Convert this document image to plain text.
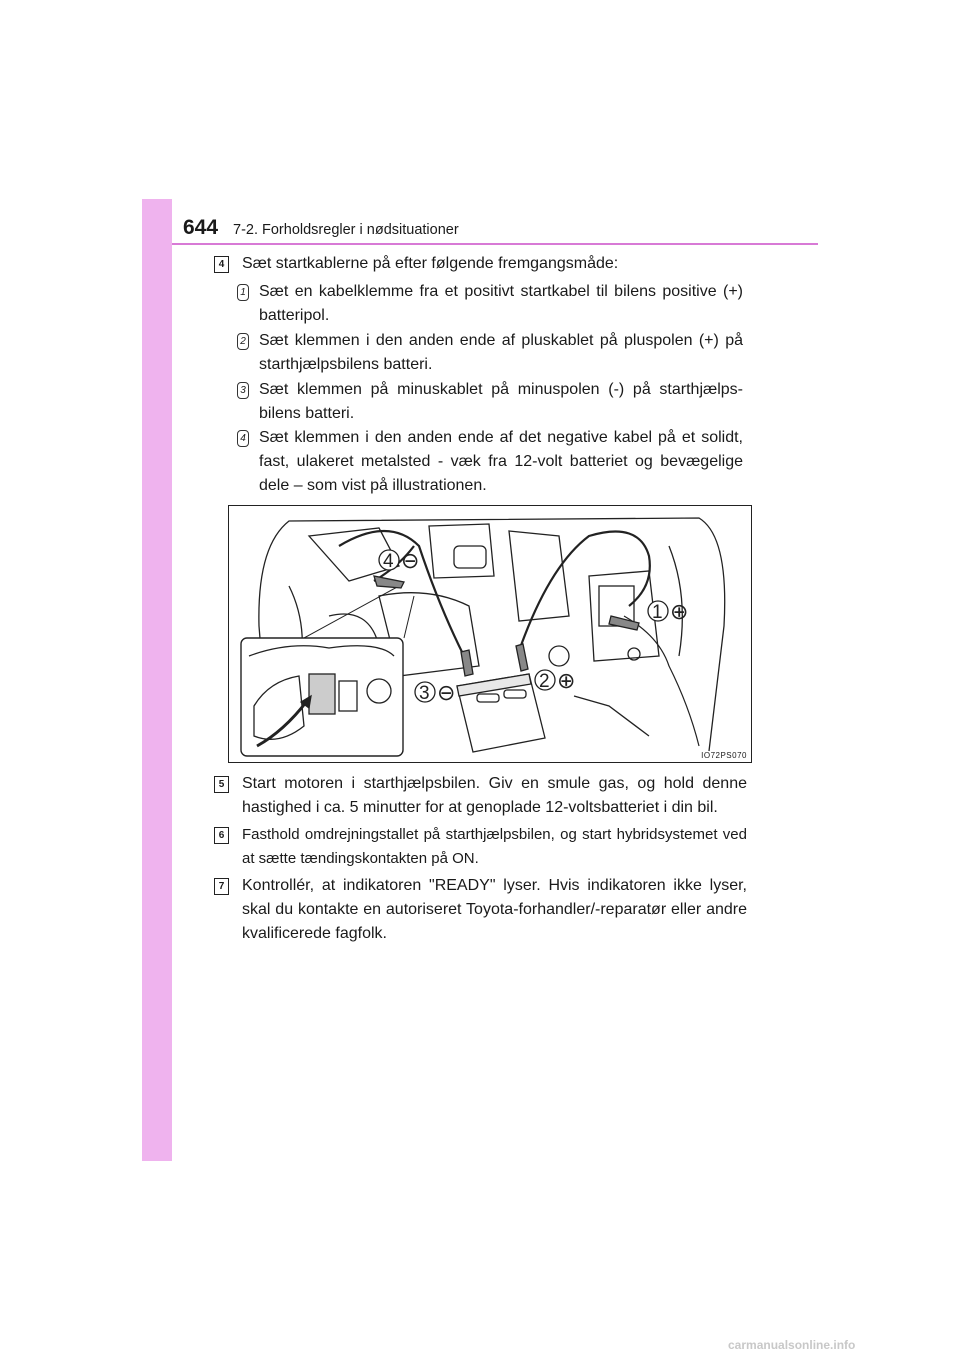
644 7-2. Forholdsregler i nødsituationer
4 Sæt startkablerne på efter følgende fremgangsmåde:
1 Sæt en kabelklemme fra et positivt startkabel til bilens positive (+) batteripol.
2 Sæt klemmen i den anden ende af pluskablet på pluspolen (+) på starthjælpsbilens batteri.
3 Sæt klemmen på minuskablet på minuspolen (-) på starthjælps-bilens batteri.
4 Sæt klemmen i den anden ende af det negative kabel på et solidt, fast, ulakeret metalsted - væk fra 12-volt batteriet og bevægelige dele – som vist på illustrationen.
4 ⊖
1 ⊕
2 ⊕
3 ⊖
IO72PS070
5 Start motoren i starthjælpsbilen. Giv en smule gas, og hold denne hastighed i ca. 5 minutter for at genoplade 12-voltsbatteriet i din bil.
6	Fasthold omdrejningstallet på starthjælpsbilen, og start hybridsystemet ved at sætte tændingskontakten på ON.
7 Kontrollér, at indikatoren "READY" lyser. Hvis indikatoren ikke lyser, skal du kontakte en autoriseret Toyota-forhandler/-reparatør eller andre kvalificerede fagfolk.
carmanualsonline.info
